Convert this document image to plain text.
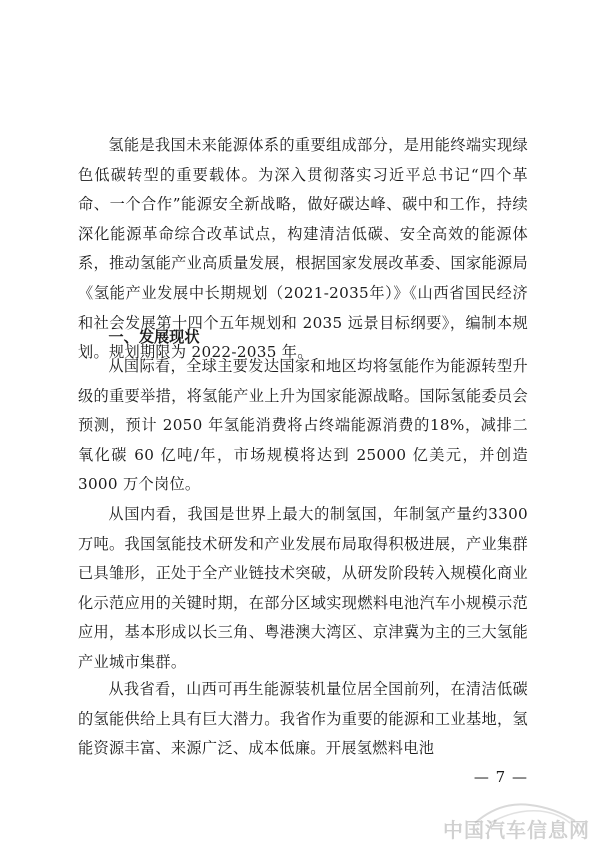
氢能是我国未来能源体系的重要组成部分，是用能终端实现绿色低碳转型的重要载体。为深入贯彻落实习近平总书记“四个革命、一个合作”能源安全新战略，做好碳达峰、碳中和工作，持续深化能源革命综合改革试点，构建清洁低碳、安全高效的能源体系，推动氢能产业高质量发展，根据国家发展改革委、国家能源局《氢能产业发展中长期规划（2021-2035年）》《山西省国民经济和社会发展第十四个五年规划和 2035 远景目标纲要》，编制本规划。规划期限为 2022-2035 年。

一、发展现状

从国际看，全球主要发达国家和地区均将氢能作为能源转型升级的重要举措，将氢能产业上升为国家能源战略。国际氢能委员会预测，预计 2050 年氢能消费将占终端能源消费的18%，减排二氧化碳 60 亿吨/年，市场规模将达到 25000 亿美元，并创造 3000 万个岗位。

从国内看，我国是世界上最大的制氢国，年制氢产量约3300 万吨。我国氢能技术研发和产业发展布局取得积极进展，产业集群已具雏形，正处于全产业链技术突破，从研发阶段转入规模化商业化示范应用的关键时期，在部分区域实现燃料电池汽车小规模示范应用，基本形成以长三角、粤港澳大湾区、京津冀为主的三大氢能产业城市集群。

从我省看，山西可再生能源装机量位居全国前列，在清洁低碳的氢能供给上具有巨大潜力。我省作为重要的能源和工业基地，氢能资源丰富、来源广泛、成本低廉。开展氢燃料电池

— 7 —
中国汽车信息网
